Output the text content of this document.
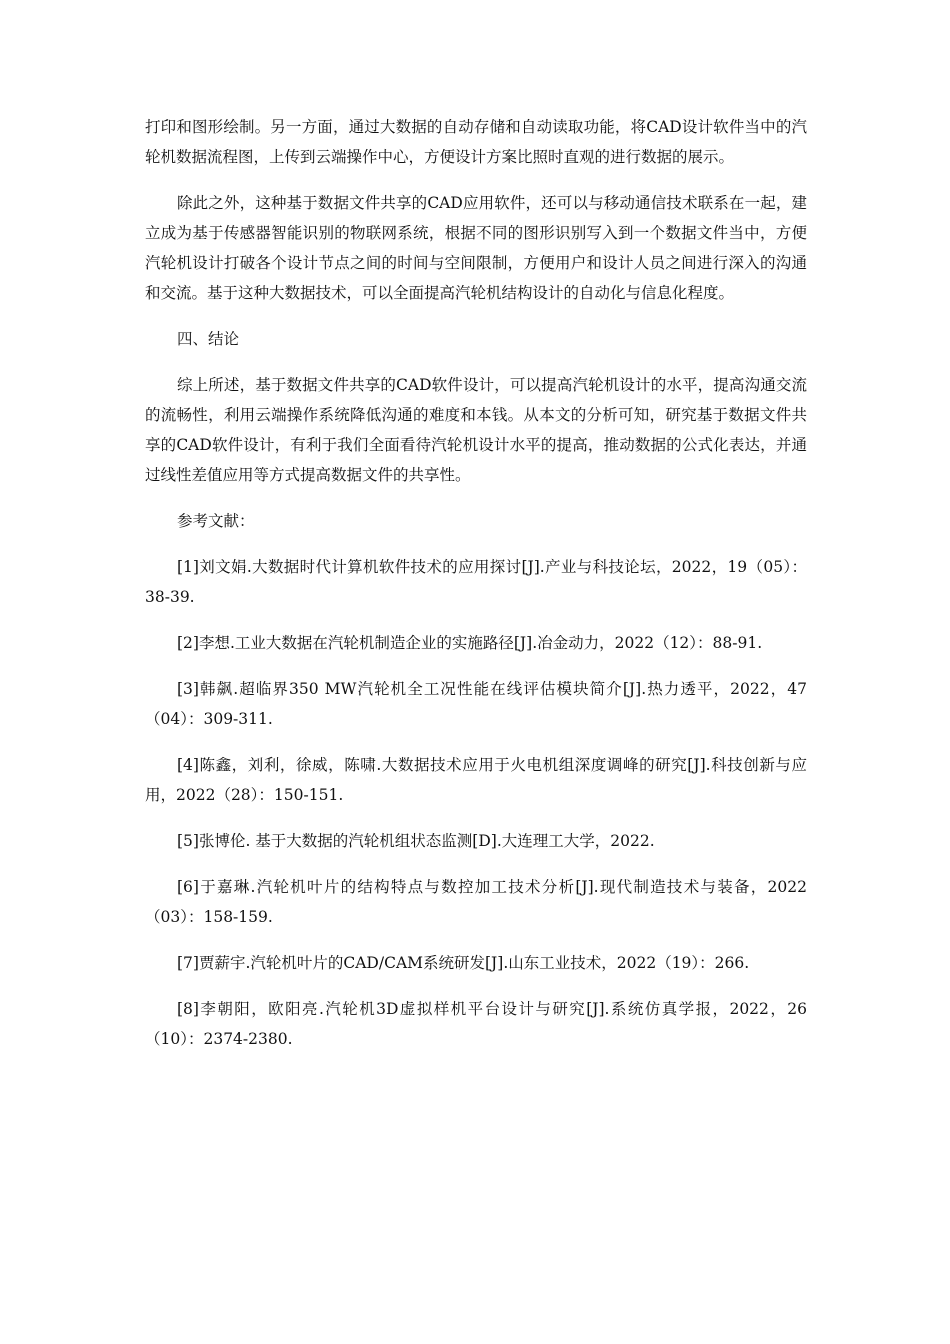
打印和图形绘制。另一方面，通过大数据的自动存储和自动读取功能，将CAD设计软件当中的汽轮机数据流程图，上传到云端操作中心，方便设计方案比照时直观的进行数据的展示。

除此之外，这种基于数据文件共享的CAD应用软件，还可以与移动通信技术联系在一起，建立成为基于传感器智能识别的物联网系统，根据不同的图形识别写入到一个数据文件当中，方便汽轮机设计打破各个设计节点之间的时间与空间限制，方便用户和设计人员之间进行深入的沟通和交流。基于这种大数据技术，可以全面提高汽轮机结构设计的自动化与信息化程度。

四、结论

综上所述，基于数据文件共享的CAD软件设计，可以提高汽轮机设计的水平，提高沟通交流的流畅性，利用云端操作系统降低沟通的难度和本钱。从本文的分析可知，研究基于数据文件共享的CAD软件设计，有利于我们全面看待汽轮机设计水平的提高，推动数据的公式化表达，并通过线性差值应用等方式提高数据文件的共享性。

参考文献：

[1]刘文娟.大数据时代计算机软件技术的应用探讨[J].产业与科技论坛，2022，19（05）：38-39.

[2]李想.工业大数据在汽轮机制造企业的实施路径[J].冶金动力，2022（12）：88-91.

[3]韩飙.超临界350 MW汽轮机全工况性能在线评估模块简介[J].热力透平，2022，47（04）：309-311.

[4]陈鑫，刘利，徐威，陈啸.大数据技术应用于火电机组深度调峰的研究[J].科技创新与应用，2022（28）：150-151.

[5]张博伦. 基于大数据的汽轮机组状态监测[D].大连理工大学，2022.

[6]于嘉琳.汽轮机叶片的结构特点与数控加工技术分析[J].现代制造技术与装备，2022（03）：158-159.

[7]贾薪宇.汽轮机叶片的CAD/CAM系统研发[J].山东工业技术，2022（19）：266.

[8]李朝阳，欧阳亮.汽轮机3D虚拟样机平台设计与研究[J].系统仿真学报，2022，26（10）：2374-2380.
